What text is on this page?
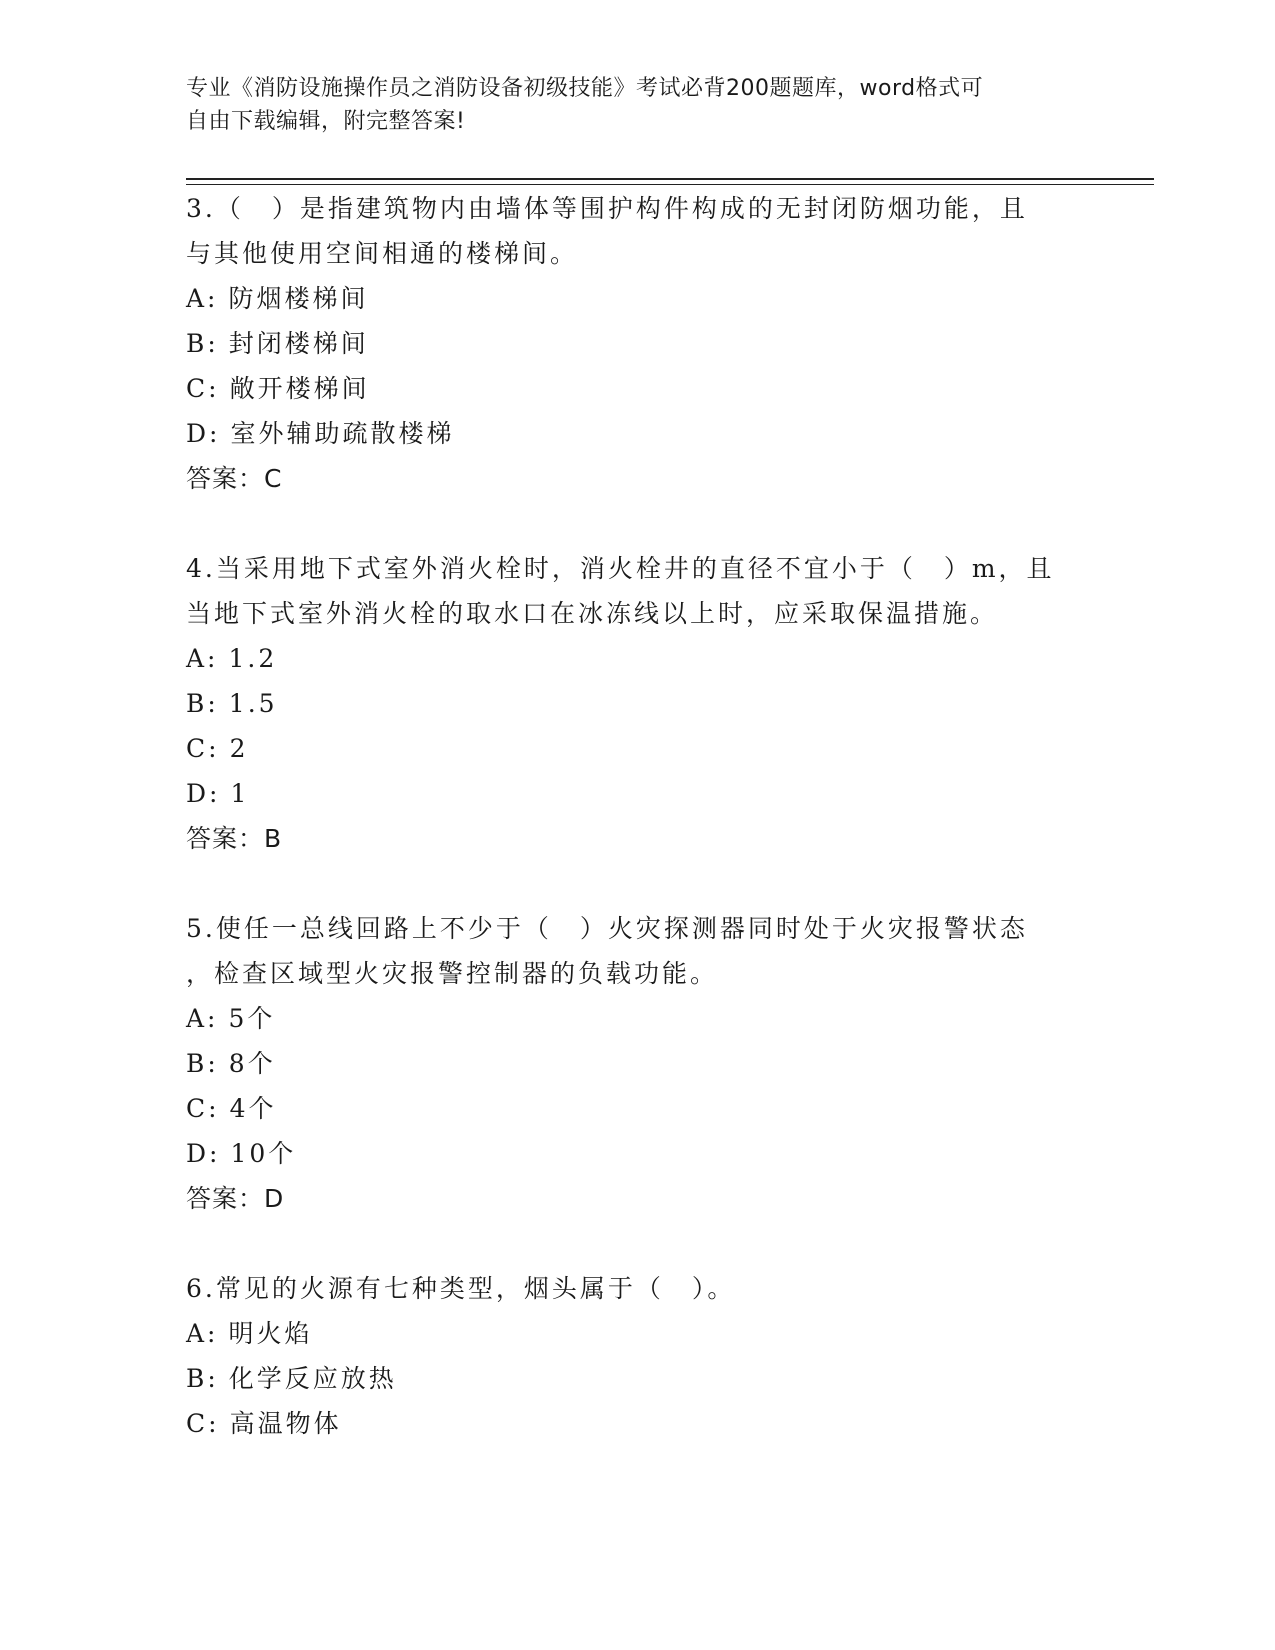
专业《消防设施操作员之消防设备初级技能》考试必背200题题库，word格式可
自由下载编辑，附完整答案!
3.（　）是指建筑物内由墙体等围护构件构成的无封闭防烟功能，且
与其他使用空间相通的楼梯间。
A: 防烟楼梯间
B: 封闭楼梯间
C: 敞开楼梯间
D: 室外辅助疏散楼梯
答案：C
4.当采用地下式室外消火栓时，消火栓井的直径不宜小于（　）m，且
当地下式室外消火栓的取水口在冰冻线以上时，应采取保温措施。
A: 1.2
B: 1.5
C: 2
D: 1
答案：B
5.使任一总线回路上不少于（　）火灾探测器同时处于火灾报警状态
，检查区域型火灾报警控制器的负载功能。
A: 5个
B: 8个
C: 4个
D: 10个
答案：D
6.常见的火源有七种类型，烟头属于（　）。
A: 明火焰
B: 化学反应放热
C: 高温物体
